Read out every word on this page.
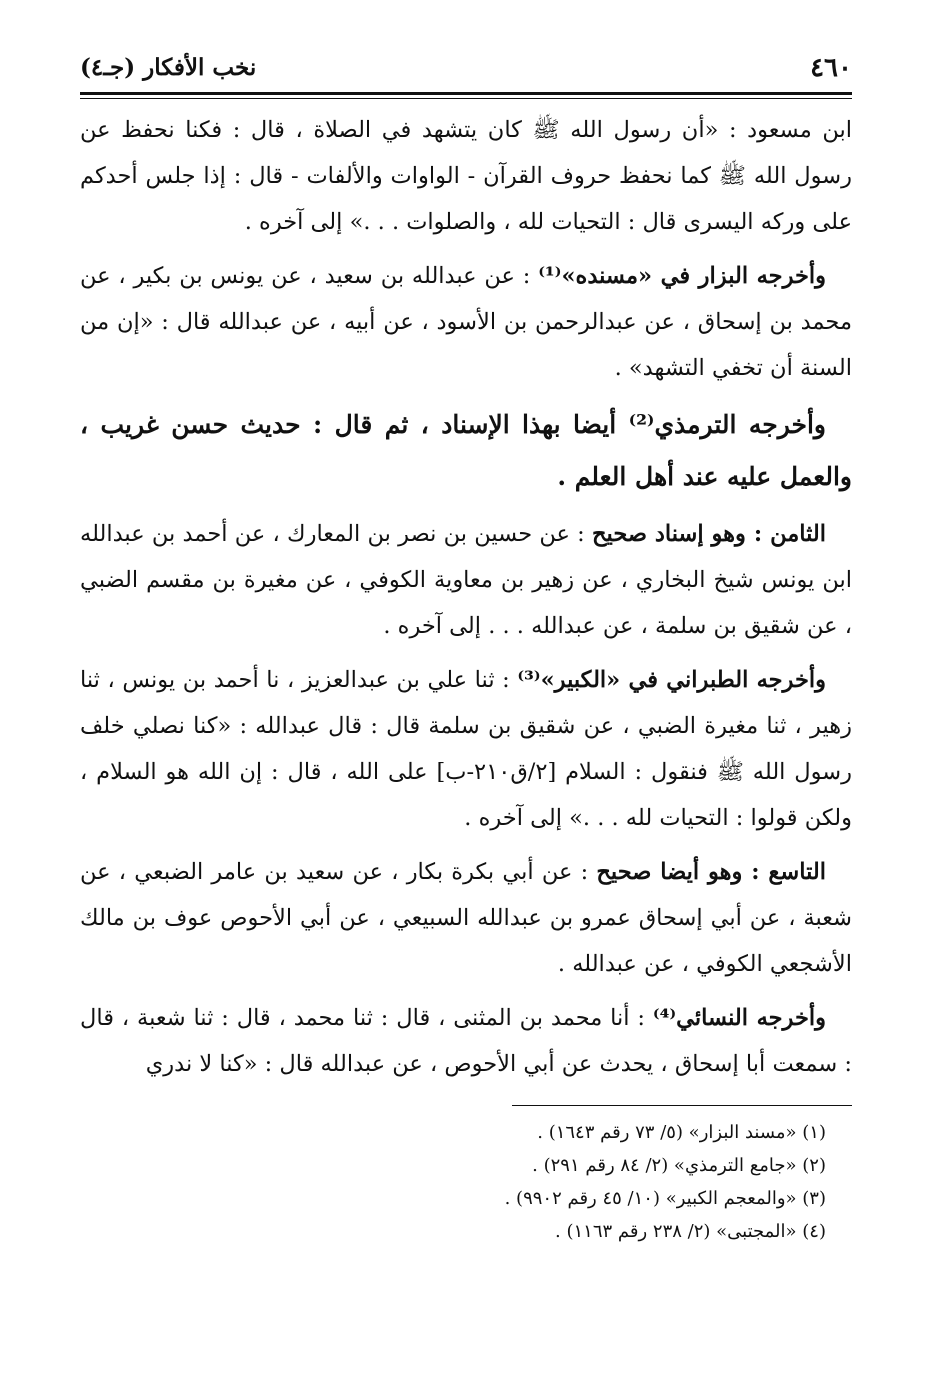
٤٦٠
نخب الأفكار (جـ٤)

ابن مسعود : «أن رسول الله ﷺ كان يتشهد في الصلاة ، قال : فكنا نحفظ عن رسول الله ﷺ كما نحفظ حروف القرآن - الواوات والألفات - قال : إذا جلس أحدكم على وركه اليسرى قال : التحيات لله ، والصلوات . . .» إلى آخره .

وأخرجه البزار في «مسنده»⁽¹⁾ : عن عبدالله بن سعيد ، عن يونس بن بكير ، عن محمد بن إسحاق ، عن عبدالرحمن بن الأسود ، عن أبيه ، عن عبدالله قال : «إن من السنة أن تخفي التشهد» .

وأخرجه الترمذي⁽²⁾ أيضا بهذا الإسناد ، ثم قال : حديث حسن غريب ، والعمل عليه عند أهل العلم .

الثامن : وهو إسناد صحيح : عن حسين بن نصر بن المعارك ، عن أحمد بن عبدالله ابن يونس شيخ البخاري ، عن زهير بن معاوية الكوفي ، عن مغيرة بن مقسم الضبي ، عن شقيق بن سلمة ، عن عبدالله . . . إلى آخره .

وأخرجه الطبراني في «الكبير»⁽³⁾ : ثنا علي بن عبدالعزيز ، نا أحمد بن يونس ، ثنا زهير ، ثنا مغيرة الضبي ، عن شقيق بن سلمة قال : قال عبدالله : «كنا نصلي خلف رسول الله ﷺ فنقول : السلام [٢/ق٢١٠-ب] على الله ، قال : إن الله هو السلام ، ولكن قولوا : التحيات لله . . .» إلى آخره .

التاسع : وهو أيضا صحيح : عن أبي بكرة بكار ، عن سعيد بن عامر الضبعي ، عن شعبة ، عن أبي إسحاق عمرو بن عبدالله السبيعي ، عن أبي الأحوص عوف بن مالك الأشجعي الكوفي ، عن عبدالله .

وأخرجه النسائي⁽⁴⁾ : أنا محمد بن المثنى ، قال : ثنا محمد ، قال : ثنا شعبة ، قال : سمعت أبا إسحاق ، يحدث عن أبي الأحوص ، عن عبدالله قال : «كنا لا ندري

(١) «مسند البزار» (٥/ ٧٣ رقم ١٦٤٣) .
(٢) «جامع الترمذي» (٢/ ٨٤ رقم ٢٩١) .
(٣) «والمعجم الكبير» (١٠/ ٤٥ رقم ٩٩٠٢) .
(٤) «المجتبى» (٢/ ٢٣٨ رقم ١١٦٣) .
